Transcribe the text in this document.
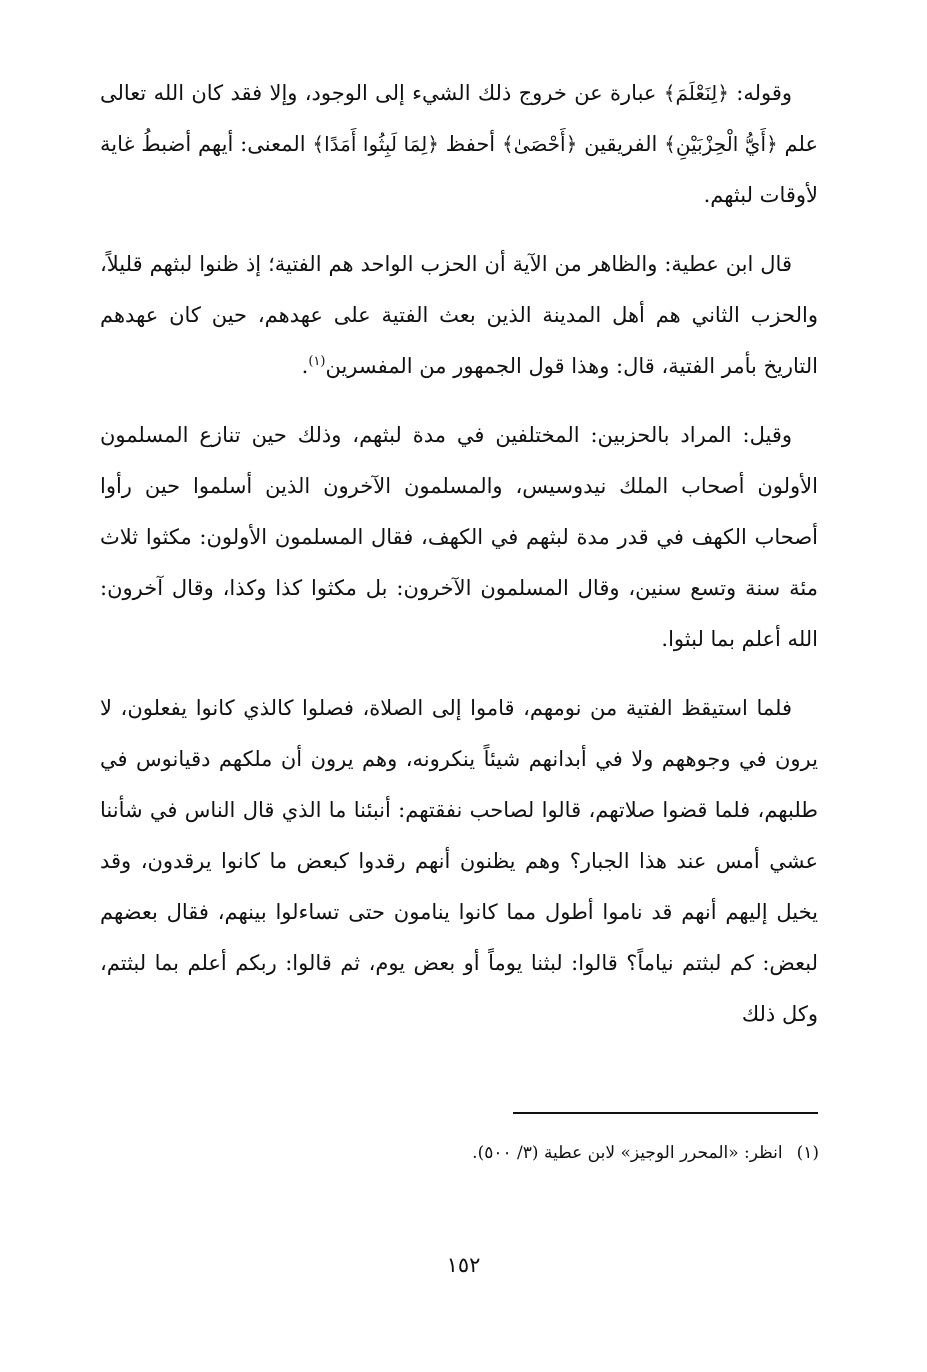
وقوله: ﴿لِنَعْلَمَ﴾ عبارة عن خروج ذلك الشيء إلى الوجود، وإلا فقد كان الله تعالى علم ﴿أَيُّ الْحِزْبَيْنِ﴾ الفريقين ﴿أَحْصَىٰ﴾ أحفظ ﴿لِمَا لَبِثُوا أَمَدًا﴾ المعنى: أيهم أضبطُ غاية لأوقات لبثهم.

قال ابن عطية: والظاهر من الآية أن الحزب الواحد هم الفتية؛ إذ ظنوا لبثهم قليلاً، والحزب الثاني هم أهل المدينة الذين بعث الفتية على عهدهم، حين كان عهدهم التاريخ بأمر الفتية، قال: وهذا قول الجمهور من المفسرين$^{(١)}$.

وقيل: المراد بالحزبين: المختلفين في مدة لبثهم، وذلك حين تنازع المسلمون الأولون أصحاب الملك نيدوسيس، والمسلمون الآخرون الذين أسلموا حين رأوا أصحاب الكهف في قدر مدة لبثهم في الكهف، فقال المسلمون الأولون: مكثوا ثلاث مئة سنة وتسع سنين، وقال المسلمون الآخرون: بل مكثوا كذا وكذا، وقال آخرون: الله أعلم بما لبثوا.

فلما استيقظ الفتية من نومهم، قاموا إلى الصلاة، فصلوا كالذي كانوا يفعلون، لا يرون في وجوههم ولا في أبدانهم شيئاً ينكرونه، وهم يرون أن ملكهم دقيانوس في طلبهم، فلما قضوا صلاتهم، قالوا لصاحب نفقتهم: أنبئنا ما الذي قال الناس في شأننا عشي أمس عند هذا الجبار؟ وهم يظنون أنهم رقدوا كبعض ما كانوا يرقدون، وقد يخيل إليهم أنهم قد ناموا أطول مما كانوا ينامون حتى تساءلوا بينهم، فقال بعضهم لبعض: كم لبثتم نياماً؟ قالوا: لبثنا يوماً أو بعض يوم، ثم قالوا: ربكم أعلم بما لبثتم، وكل ذلك

(١)انظر: «المحرر الوجيز» لابن عطية (٣/ ٥٠٠).
١٥٢
